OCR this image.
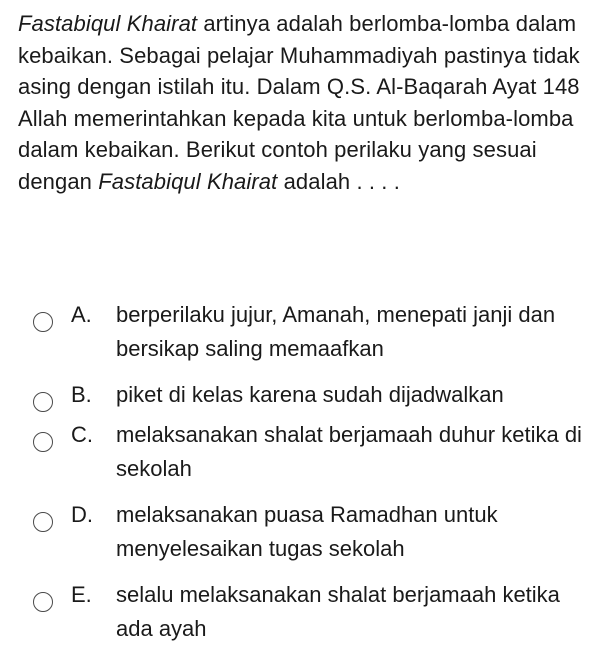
Fastabiqul Khairat artinya adalah berlomba-lomba dalam kebaikan. Sebagai pelajar Muhammadiyah pastinya tidak asing dengan istilah itu. Dalam Q.S. Al-Baqarah Ayat 148 Allah memerintahkan kepada kita untuk berlomba-lomba dalam kebaikan. Berikut contoh perilaku yang sesuai dengan Fastabiqul Khairat adalah . . . .
A. berperilaku jujur, Amanah, menepati janji dan bersikap saling memaafkan
B. piket di kelas karena sudah dijadwalkan
C. melaksanakan shalat berjamaah duhur ketika di sekolah
D. melaksanakan puasa Ramadhan untuk menyelesaikan tugas sekolah
E. selalu melaksanakan shalat berjamaah ketika ada ayah
